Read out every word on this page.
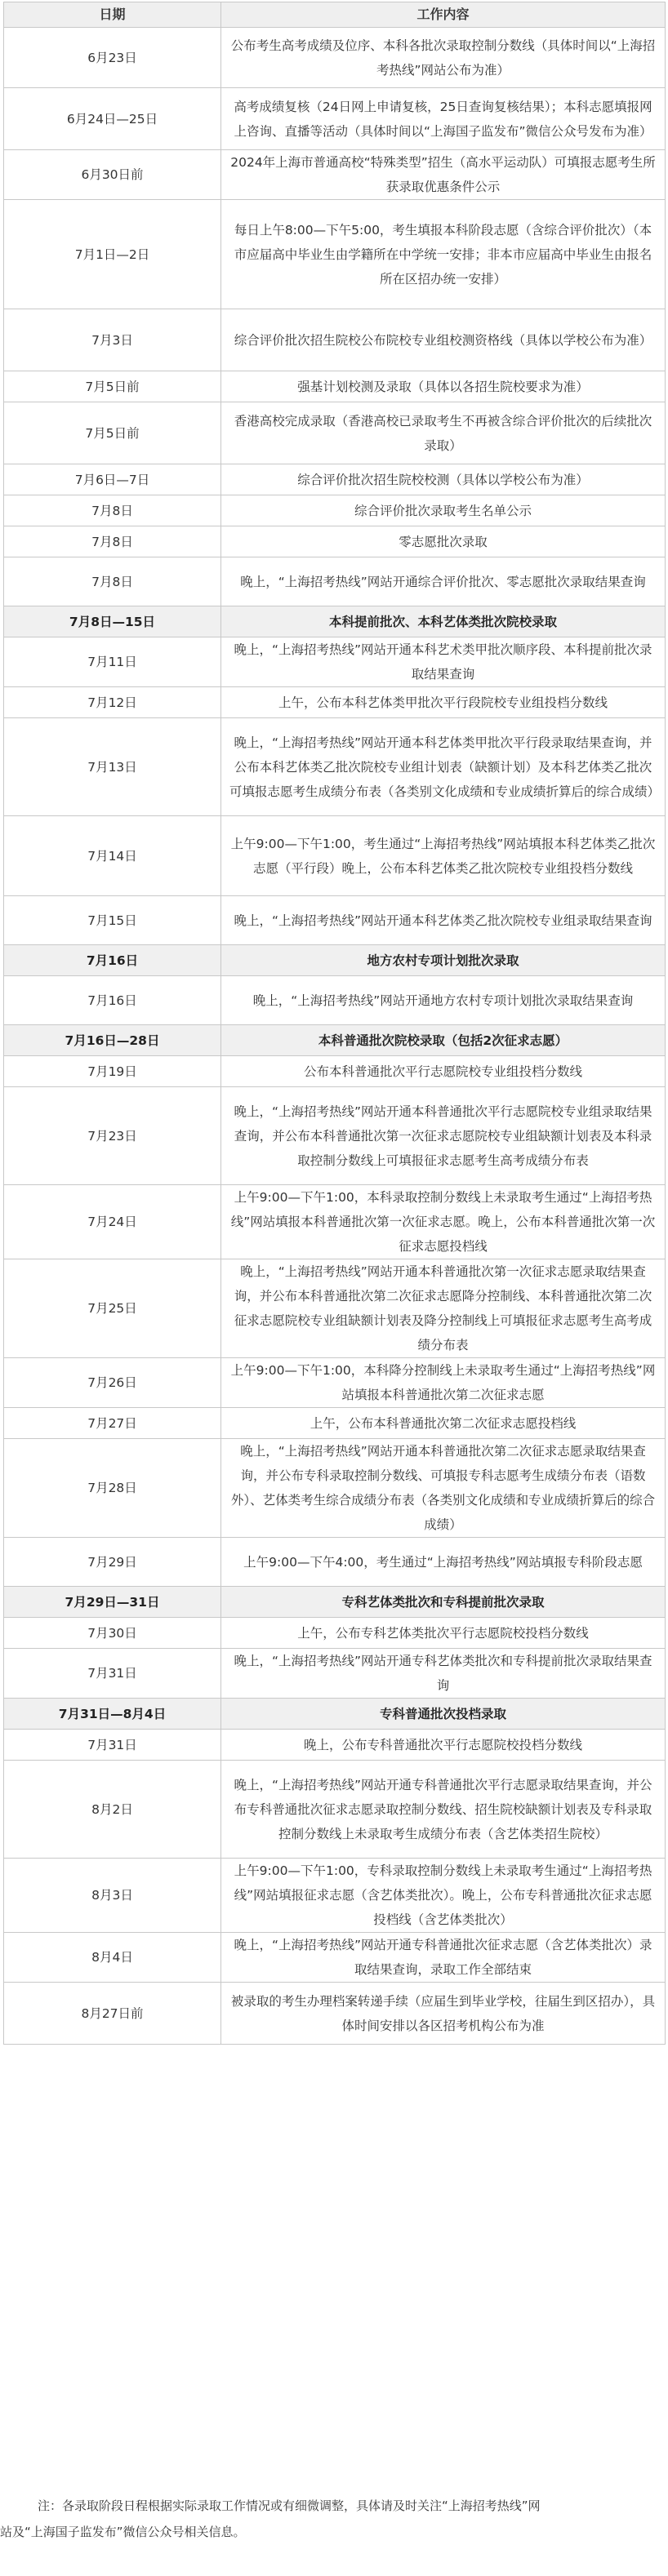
日期	工作内容
6月23日	公布考生高考成绩及位序、本科各批次录取控制分数线（具体时间以“上海招考热线”网站公布为准）
6月24日—25日	高考成绩复核（24日网上申请复核，25日查询复核结果）；本科志愿填报网上咨询、直播等活动（具体时间以“上海国子监发布”微信公众号发布为准）
6月30日前	2024年上海市普通高校“特殊类型”招生（高水平运动队）可填报志愿考生所获录取优惠条件公示
7月1日—2日	每日上午8:00—下午5:00，考生填报本科阶段志愿（含综合评价批次）（本市应届高中毕业生由学籍所在中学统一安排；非本市应届高中毕业生由报名所在区招办统一安排）
7月3日	综合评价批次招生院校公布院校专业组校测资格线（具体以学校公布为准）
7月5日前	强基计划校测及录取（具体以各招生院校要求为准）
7月5日前	香港高校完成录取（香港高校已录取考生不再被含综合评价批次的后续批次录取）
7月6日—7日	综合评价批次招生院校校测（具体以学校公布为准）
7月8日	综合评价批次录取考生名单公示
7月8日	零志愿批次录取
7月8日	晚上，“上海招考热线”网站开通综合评价批次、零志愿批次录取结果查询
7月8日—15日	本科提前批次、本科艺体类批次院校录取
7月11日	晚上，“上海招考热线”网站开通本科艺术类甲批次顺序段、本科提前批次录取结果查询
7月12日	上午，公布本科艺体类甲批次平行段院校专业组投档分数线
7月13日	晚上，“上海招考热线”网站开通本科艺体类甲批次平行段录取结果查询，并公布本科艺体类乙批次院校专业组计划表（缺额计划）及本科艺体类乙批次可填报志愿考生成绩分布表（各类别文化成绩和专业成绩折算后的综合成绩）
7月14日	上午9:00—下午1:00，考生通过“上海招考热线”网站填报本科艺体类乙批次志愿（平行段）晚上，公布本科艺体类乙批次院校专业组投档分数线
7月15日	晚上，“上海招考热线”网站开通本科艺体类乙批次院校专业组录取结果查询
7月16日	地方农村专项计划批次录取
7月16日	晚上，“上海招考热线”网站开通地方农村专项计划批次录取结果查询
7月16日—28日	本科普通批次院校录取（包括2次征求志愿）
7月19日	公布本科普通批次平行志愿院校专业组投档分数线
7月23日	晚上，“上海招考热线”网站开通本科普通批次平行志愿院校专业组录取结果查询，并公布本科普通批次第一次征求志愿院校专业组缺额计划表及本科录取控制分数线上可填报征求志愿考生高考成绩分布表
7月24日	上午9:00—下午1:00，本科录取控制分数线上未录取考生通过“上海招考热线”网站填报本科普通批次第一次征求志愿。晚上，公布本科普通批次第一次征求志愿投档线
7月25日	晚上，“上海招考热线”网站开通本科普通批次第一次征求志愿录取结果查询，并公布本科普通批次第二次征求志愿降分控制线、本科普通批次第二次征求志愿院校专业组缺额计划表及降分控制线上可填报征求志愿考生高考成绩分布表
7月26日	上午9:00—下午1:00，本科降分控制线上未录取考生通过“上海招考热线”网站填报本科普通批次第二次征求志愿
7月27日	上午，公布本科普通批次第二次征求志愿投档线
7月28日	晚上，“上海招考热线”网站开通本科普通批次第二次征求志愿录取结果查询，并公布专科录取控制分数线、可填报专科志愿考生成绩分布表（语数外）、艺体类考生综合成绩分布表（各类别文化成绩和专业成绩折算后的综合成绩）
7月29日	上午9:00—下午4:00，考生通过“上海招考热线”网站填报专科阶段志愿
7月29日—31日	专科艺体类批次和专科提前批次录取
7月30日	上午，公布专科艺体类批次平行志愿院校投档分数线
7月31日	晚上，“上海招考热线”网站开通专科艺体类批次和专科提前批次录取结果查询
7月31日—8月4日	专科普通批次投档录取
7月31日	晚上，公布专科普通批次平行志愿院校投档分数线
8月2日	晚上，“上海招考热线”网站开通专科普通批次平行志愿录取结果查询，并公布专科普通批次征求志愿录取控制分数线、招生院校缺额计划表及专科录取控制分数线上未录取考生成绩分布表（含艺体类招生院校）
8月3日	上午9:00—下午1:00，专科录取控制分数线上未录取考生通过“上海招考热线”网站填报征求志愿（含艺体类批次）。晚上，公布专科普通批次征求志愿投档线（含艺体类批次）
8月4日	晚上，“上海招考热线”网站开通专科普通批次征求志愿（含艺体类批次）录取结果查询，录取工作全部结束
8月27日前	被录取的考生办理档案转递手续（应届生到毕业学校，往届生到区招办），具体时间安排以各区招考机构公布为准
注：各录取阶段日程根据实际录取工作情况或有细微调整，具体请及时关注“上海招考热线”网
站及“上海国子监发布”微信公众号相关信息。
